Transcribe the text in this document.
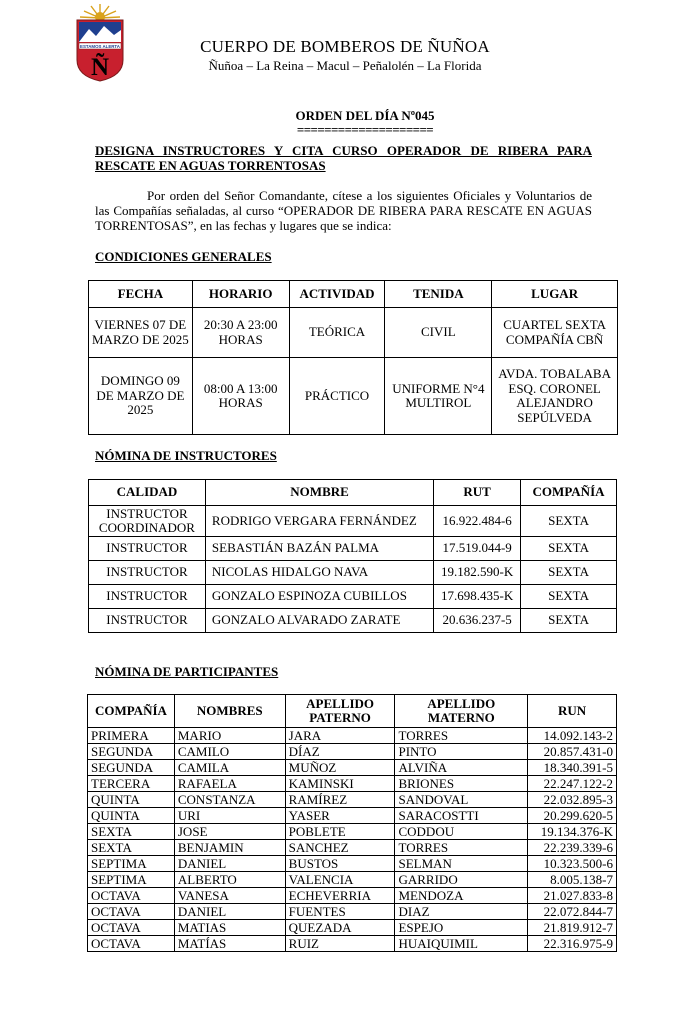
ESTAMOS ALERTA
Ñ
CUERPO DE BOMBEROS DE ÑUÑOA
Ñuñoa – La Reina – Macul – Peñalolén – La Florida
ORDEN DEL DÍA Nº045
====================
DESIGNA INSTRUCTORES Y CITA CURSO OPERADOR DE RIBERA PARA RESCATE EN AGUAS TORRENTOSAS
Por orden del Señor Comandante, cítese a los siguientes Oficiales y Voluntarios de las Compañías señaladas, al curso “OPERADOR DE RIBERA PARA RESCATE EN AGUAS TORRENTOSAS”, en las fechas y lugares que se indica:
CONDICIONES GENERALES
FECHA	HORARIO	ACTIVIDAD	TENIDA	LUGAR
VIERNES 07 DE MARZO DE 2025	20:30 A 23:00 HORAS	TEÓRICA	CIVIL	CUARTEL SEXTA COMPAÑÍA CBÑ
DOMINGO 09 DE MARZO DE 2025	08:00 A 13:00 HORAS	PRÁCTICO	UNIFORME N°4 MULTIROL	AVDA. TOBALABA ESQ. CORONEL ALEJANDRO SEPÚLVEDA
NÓMINA DE INSTRUCTORES
CALIDAD	NOMBRE	RUT	COMPAÑÍA
INSTRUCTOR COORDINADOR	RODRIGO VERGARA FERNÁNDEZ	16.922.484-6	SEXTA
INSTRUCTOR	SEBASTIÁN BAZÁN PALMA	17.519.044-9	SEXTA
INSTRUCTOR	NICOLAS HIDALGO NAVA	19.182.590-K	SEXTA
INSTRUCTOR	GONZALO ESPINOZA CUBILLOS	17.698.435-K	SEXTA
INSTRUCTOR	GONZALO ALVARADO ZARATE	20.636.237-5	SEXTA
NÓMINA DE PARTICIPANTES
COMPAÑÍA	NOMBRES	APELLIDO PATERNO	APELLIDO MATERNO	RUN
PRIMERA	MARIO	JARA	TORRES	14.092.143-2
SEGUNDA	CAMILO	DÍAZ	PINTO	20.857.431-0
SEGUNDA	CAMILA	MUÑOZ	ALVIÑA	18.340.391-5
TERCERA	RAFAELA	KAMINSKI	BRIONES	22.247.122-2
QUINTA	CONSTANZA	RAMÍREZ	SANDOVAL	22.032.895-3
QUINTA	URI	YASER	SARACOSTTI	20.299.620-5
SEXTA	JOSE	POBLETE	CODDOU	19.134.376-K
SEXTA	BENJAMIN	SANCHEZ	TORRES	22.239.339-6
SEPTIMA	DANIEL	BUSTOS	SELMAN	10.323.500-6
SEPTIMA	ALBERTO	VALENCIA	GARRIDO	8.005.138-7
OCTAVA	VANESA	ECHEVERRIA	MENDOZA	21.027.833-8
OCTAVA	DANIEL	FUENTES	DIAZ	22.072.844-7
OCTAVA	MATIAS	QUEZADA	ESPEJO	21.819.912-7
OCTAVA	MATÍAS	RUIZ	HUAIQUIMIL	22.316.975-9
